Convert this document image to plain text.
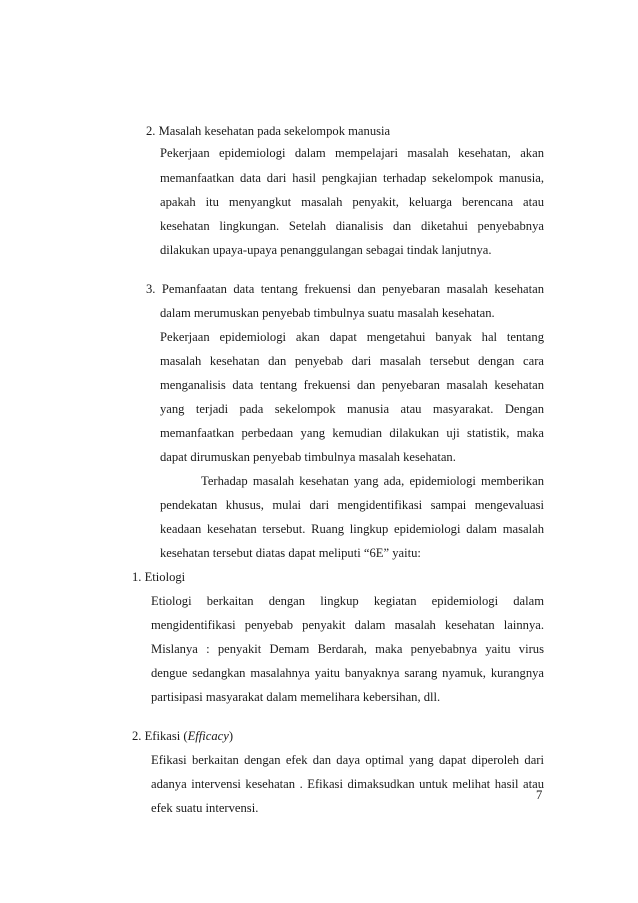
2. Masalah kesehatan pada sekelompok manusia
Pekerjaan epidemiologi dalam mempelajari masalah kesehatan, akan
memanfaatkan data dari hasil pengkajian terhadap sekelompok manusia,
apakah itu menyangkut masalah penyakit, keluarga berencana atau
kesehatan lingkungan. Setelah dianalisis dan diketahui penyebabnya
dilakukan upaya-upaya penanggulangan sebagai tindak lanjutnya.
3. Pemanfaatan data tentang frekuensi dan penyebaran masalah kesehatan
dalam merumuskan penyebab timbulnya suatu masalah kesehatan.
Pekerjaan epidemiologi akan dapat mengetahui banyak hal tentang
masalah kesehatan dan penyebab dari masalah tersebut dengan cara
menganalisis data tentang frekuensi dan penyebaran masalah kesehatan
yang terjadi pada sekelompok manusia atau masyarakat. Dengan
memanfaatkan perbedaan yang kemudian dilakukan uji statistik, maka
dapat dirumuskan penyebab timbulnya masalah kesehatan.
Terhadap masalah kesehatan yang ada, epidemiologi memberikan
pendekatan khusus, mulai dari mengidentifikasi sampai mengevaluasi
keadaan kesehatan tersebut. Ruang lingkup epidemiologi dalam masalah
kesehatan tersebut diatas dapat meliputi “6E” yaitu:
1. Etiologi
Etiologi berkaitan dengan lingkup kegiatan epidemiologi dalam
mengidentifikasi penyebab penyakit dalam masalah kesehatan lainnya.
Mislanya : penyakit Demam Berdarah, maka penyebabnya yaitu virus
dengue sedangkan masalahnya yaitu banyaknya sarang nyamuk, kurangnya
partisipasi masyarakat dalam memelihara kebersihan, dll.
2. Efikasi (Efficacy)
Efikasi berkaitan dengan efek dan daya optimal yang dapat diperoleh dari
adanya intervensi kesehatan . Efikasi dimaksudkan untuk melihat hasil atau
efek suatu intervensi.
7
